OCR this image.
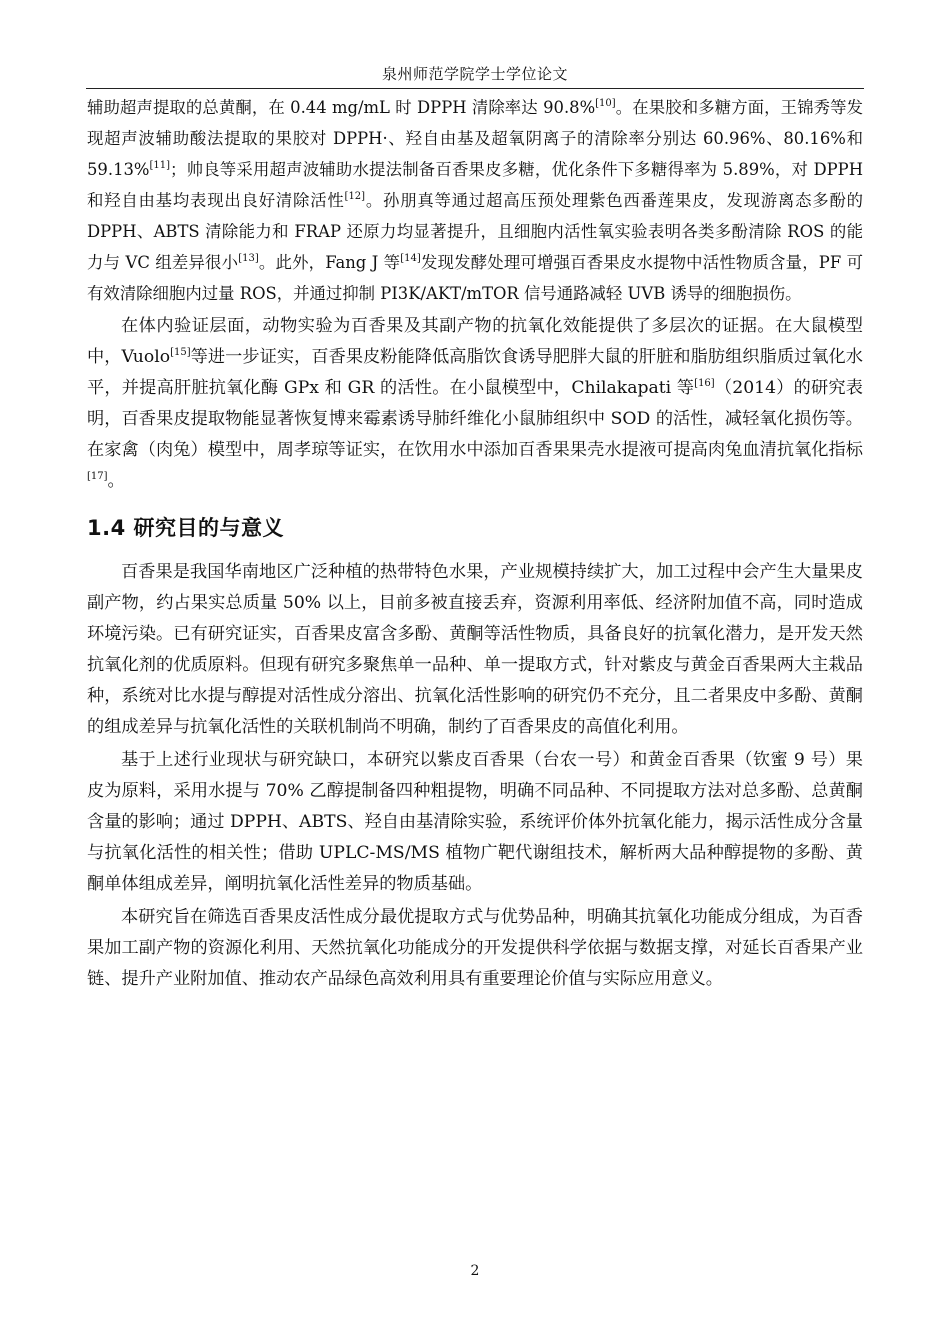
泉州师范学院学士学位论文

辅助超声提取的总黄酮，在 0.44 mg/mL 时 DPPH 清除率达 90.8%[10]。在果胶和多糖方面，王锦秀等发现超声波辅助酸法提取的果胶对 DPPH·、羟自由基及超氧阴离子的清除率分别达 60.96%、80.16%和 59.13%[11]；帅良等采用超声波辅助水提法制备百香果皮多糖，优化条件下多糖得率为 5.89%，对 DPPH 和羟自由基均表现出良好清除活性[12]。孙朋真等通过超高压预处理紫色西番莲果皮，发现游离态多酚的 DPPH、ABTS 清除能力和 FRAP 还原力均显著提升，且细胞内活性氧实验表明各类多酚清除 ROS 的能力与 VC 组差异很小[13]。此外，Fang J 等[14]发现发酵处理可增强百香果皮水提物中活性物质含量，PF 可有效清除细胞内过量 ROS，并通过抑制 PI3K/AKT/mTOR 信号通路减轻 UVB 诱导的细胞损伤。

在体内验证层面，动物实验为百香果及其副产物的抗氧化效能提供了多层次的证据。在大鼠模型中，Vuolo[15]等进一步证实，百香果皮粉能降低高脂饮食诱导肥胖大鼠的肝脏和脂肪组织脂质过氧化水平，并提高肝脏抗氧化酶 GPx 和 GR 的活性。在小鼠模型中，Chilakapati 等[16]（2014）的研究表明，百香果皮提取物能显著恢复博来霉素诱导肺纤维化小鼠肺组织中 SOD 的活性，减轻氧化损伤等。在家禽（肉兔）模型中，周孝琼等证实，在饮用水中添加百香果果壳水提液可提高肉兔血清抗氧化指标[17]。

1.4 研究目的与意义

百香果是我国华南地区广泛种植的热带特色水果，产业规模持续扩大，加工过程中会产生大量果皮副产物，约占果实总质量 50% 以上，目前多被直接丢弃，资源利用率低、经济附加值不高，同时造成环境污染。已有研究证实，百香果皮富含多酚、黄酮等活性物质，具备良好的抗氧化潜力，是开发天然抗氧化剂的优质原料。但现有研究多聚焦单一品种、单一提取方式，针对紫皮与黄金百香果两大主栽品种，系统对比水提与醇提对活性成分溶出、抗氧化活性影响的研究仍不充分，且二者果皮中多酚、黄酮的组成差异与抗氧化活性的关联机制尚不明确，制约了百香果皮的高值化利用。

基于上述行业现状与研究缺口，本研究以紫皮百香果（台农一号）和黄金百香果（钦蜜 9 号）果皮为原料，采用水提与 70% 乙醇提制备四种粗提物，明确不同品种、不同提取方法对总多酚、总黄酮含量的影响；通过 DPPH、ABTS、羟自由基清除实验，系统评价体外抗氧化能力，揭示活性成分含量与抗氧化活性的相关性；借助 UPLC-MS/MS 植物广靶代谢组技术，解析两大品种醇提物的多酚、黄酮单体组成差异，阐明抗氧化活性差异的物质基础。

本研究旨在筛选百香果皮活性成分最优提取方式与优势品种，明确其抗氧化功能成分组成，为百香果加工副产物的资源化利用、天然抗氧化功能成分的开发提供科学依据与数据支撑，对延长百香果产业链、提升产业附加值、推动农产品绿色高效利用具有重要理论价值与实际应用意义。

2
